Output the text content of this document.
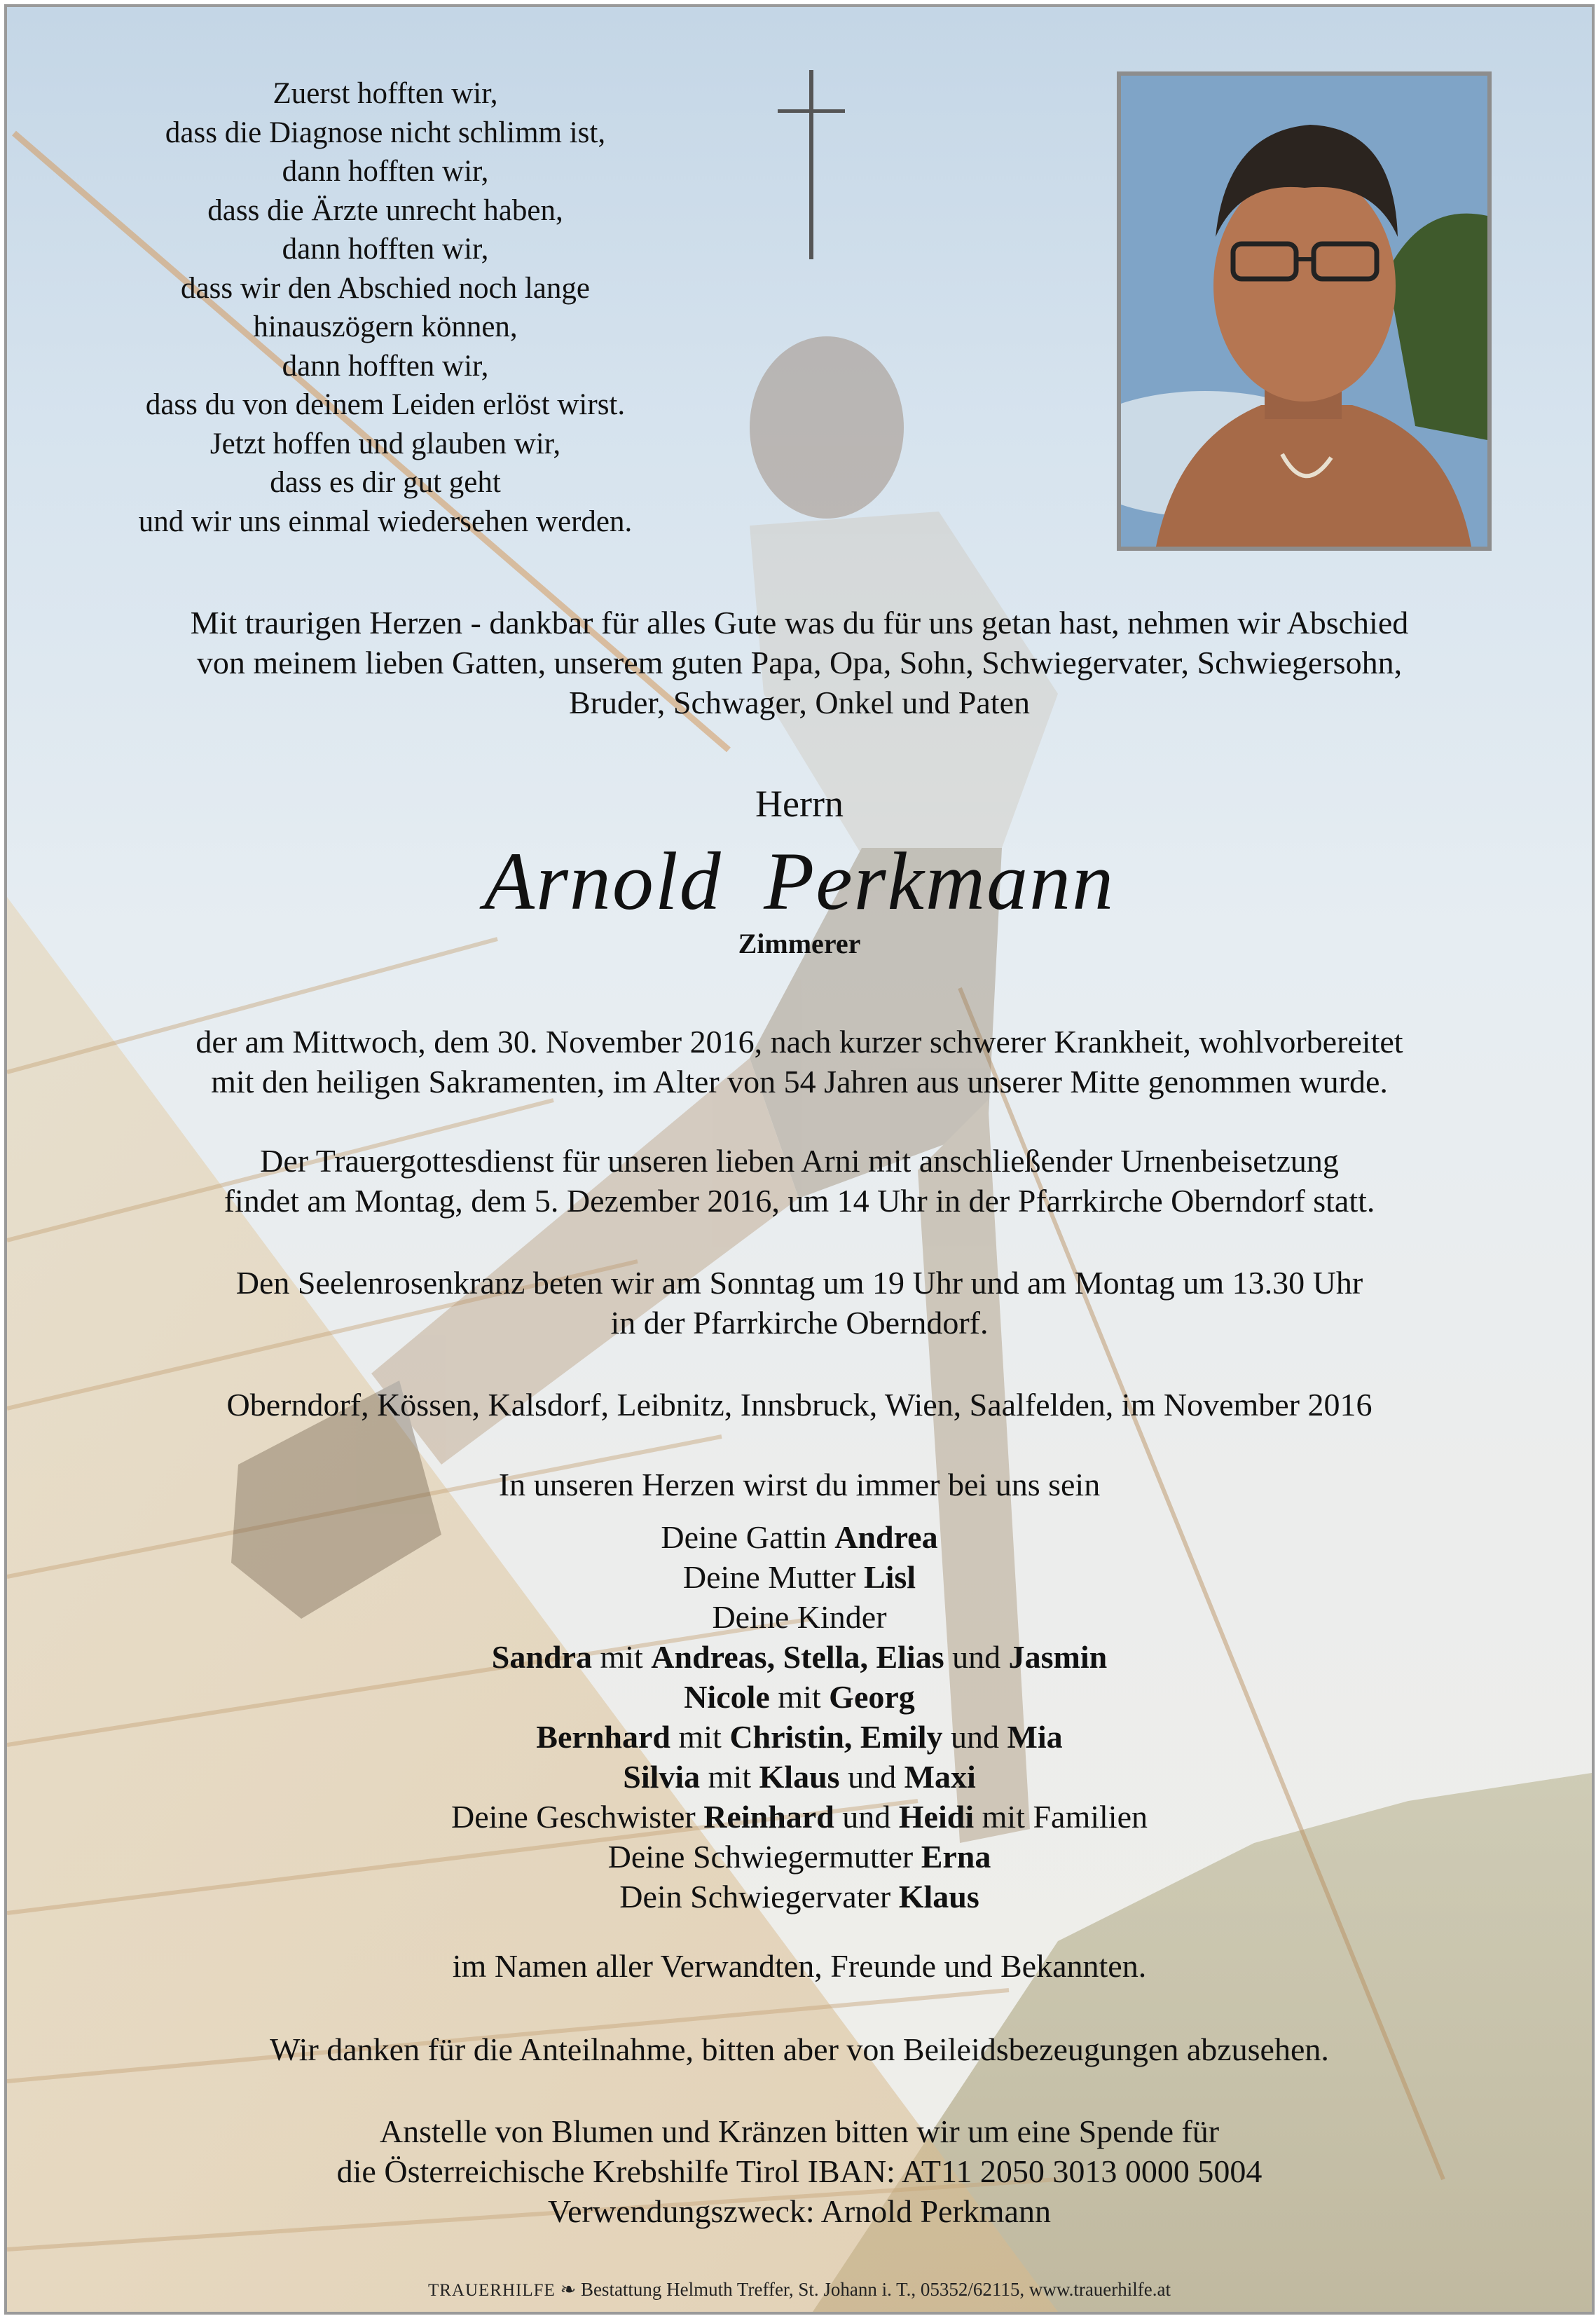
Zuerst hofften wir,
dass die Diagnose nicht schlimm ist,
dann hofften wir,
dass die Ärzte unrecht haben,
dann hofften wir,
dass wir den Abschied noch lange
hinauszögern können,
dann hofften wir,
dass du von deinem Leiden erlöst wirst.
Jetzt hoffen und glauben wir,
dass es dir gut geht
und wir uns einmal wiedersehen werden.
Mit traurigen Herzen - dankbar für alles Gute was du für uns getan hast, nehmen wir Abschied
von meinem lieben Gatten, unserem guten Papa, Opa, Sohn, Schwiegervater, Schwiegersohn,
Bruder, Schwager, Onkel und Paten
Herrn
Arnold Perkmann
Zimmerer
der am Mittwoch, dem 30. November 2016, nach kurzer schwerer Krankheit, wohlvorbereitet
mit den heiligen Sakramenten, im Alter von 54 Jahren aus unserer Mitte genommen wurde.
Der Trauergottesdienst für unseren lieben Arni mit anschließender Urnenbeisetzung
findet am Montag, dem 5. Dezember 2016, um 14 Uhr in der Pfarrkirche Oberndorf statt.
Den Seelenrosenkranz beten wir am Sonntag um 19 Uhr und am Montag um 13.30 Uhr
in der Pfarrkirche Oberndorf.
Oberndorf, Kössen, Kalsdorf, Leibnitz, Innsbruck, Wien, Saalfelden, im November 2016
In unseren Herzen wirst du immer bei uns sein
Deine Gattin Andrea
Deine Mutter Lisl
Deine Kinder
Sandra mit Andreas, Stella, Elias und Jasmin
Nicole mit Georg
Bernhard mit Christin, Emily und Mia
Silvia mit Klaus und Maxi
Deine Geschwister Reinhard und Heidi mit Familien
Deine Schwiegermutter Erna
Dein Schwiegervater Klaus
im Namen aller Verwandten, Freunde und Bekannten.
Wir danken für die Anteilnahme, bitten aber von Beileidsbezeugungen abzusehen.
Anstelle von Blumen und Kränzen bitten wir um eine Spende für
die Österreichische Krebshilfe Tirol IBAN: AT11 2050 3013 0000 5004
Verwendungszweck: Arnold Perkmann
TRAUERHILFE ❧ Bestattung Helmuth Treffer, St. Johann i. T., 05352/62115, www.trauerhilfe.at
